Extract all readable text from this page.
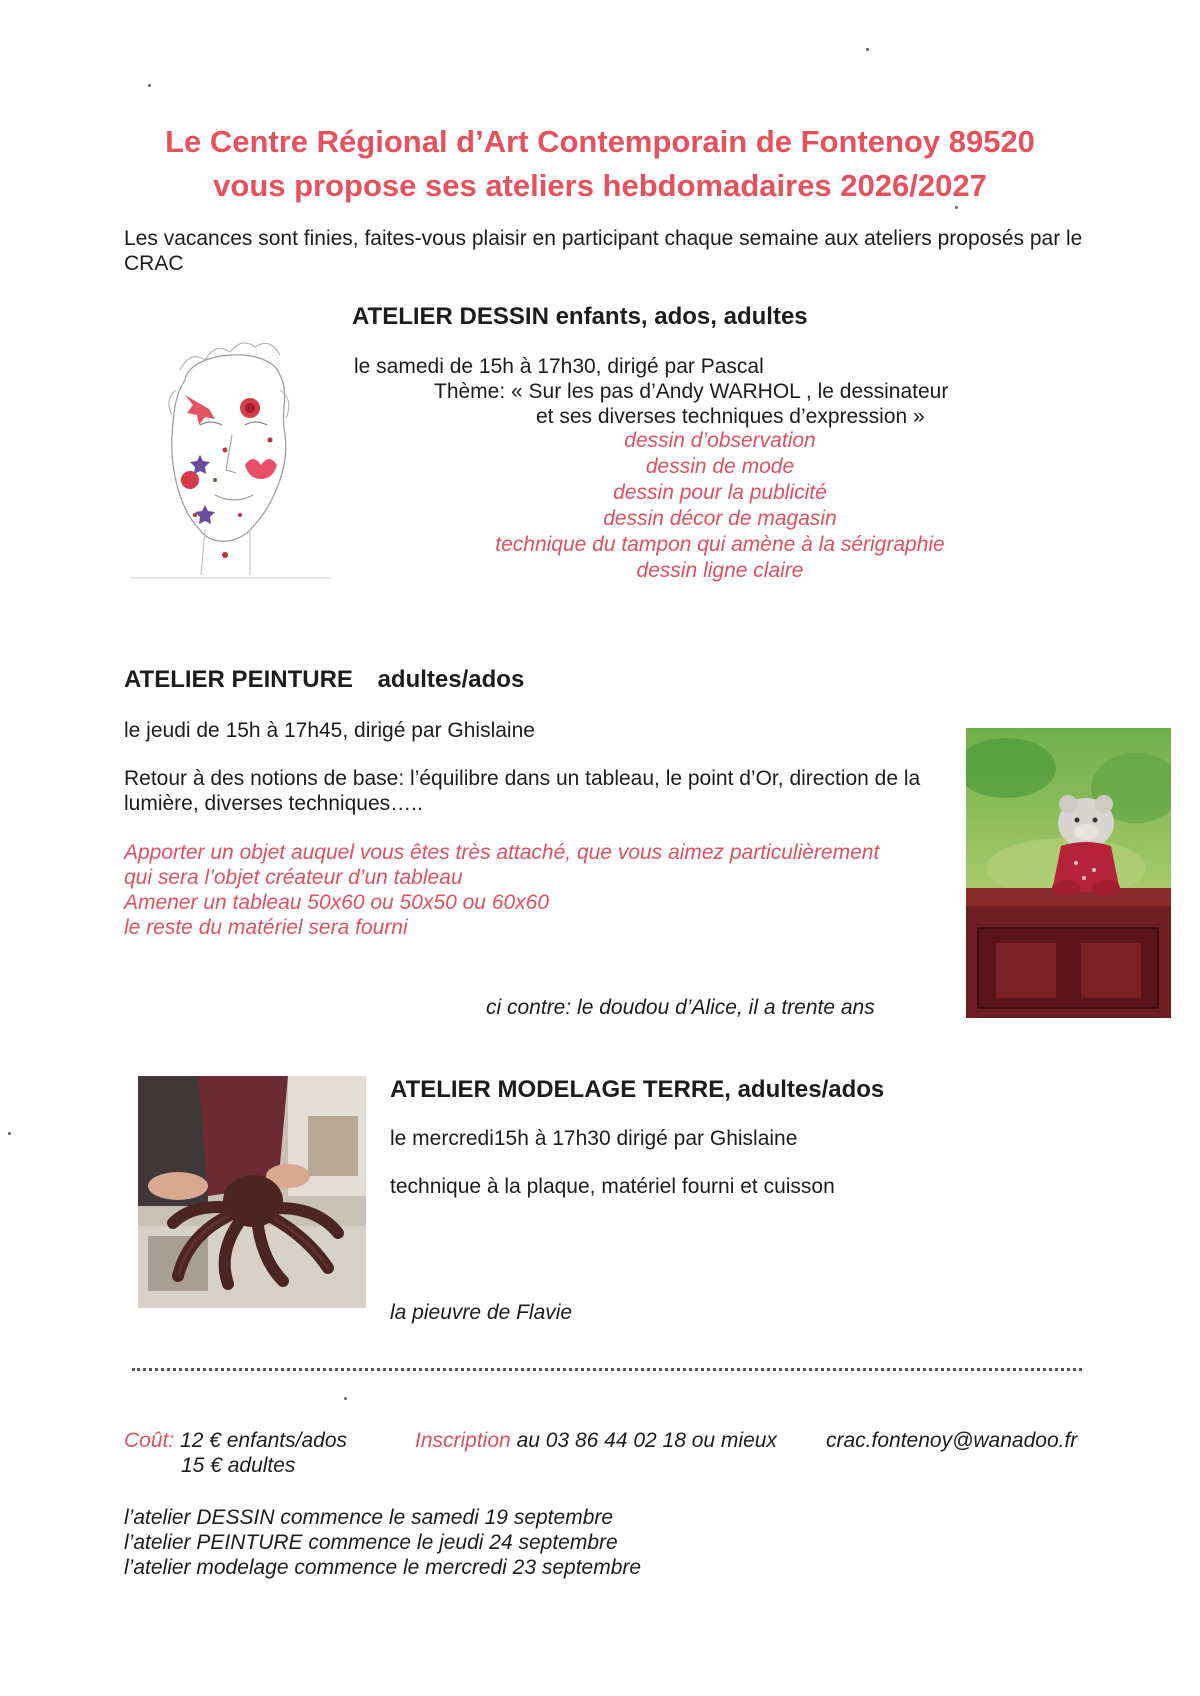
Le Centre Régional d’Art Contemporain de Fontenoy 89520
vous propose ses ateliers hebdomadaires 2026/2027
Les vacances sont finies, faites-vous plaisir en participant chaque semaine aux ateliers proposés par le CRAC
ATELIER DESSIN enfants, ados, adultes
le samedi de 15h à 17h30, dirigé par Pascal
Thème: « Sur les pas d’Andy WARHOL , le dessinateur
et ses diverses techniques d’expression »
dessin d’observation
dessin de mode
dessin pour la publicité
dessin décor de magasin
technique du tampon qui amène à la sérigraphie
dessin ligne claire
ATELIER PEINTURE adultes/ados
le jeudi de 15h à 17h45, dirigé par Ghislaine
Retour à des notions de base: l’équilibre dans un tableau, le point d’Or, direction de la lumière, diverses techniques…..
Apporter un objet auquel vous êtes très attaché, que vous aimez particulièrement
qui sera l’objet créateur d’un tableau
Amener un tableau 50x60 ou 50x50 ou 60x60
le reste du matériel sera fourni
ci contre: le doudou d’Alice, il a trente ans
ATELIER MODELAGE TERRE, adultes/ados
le mercredi15h à 17h30 dirigé par Ghislaine
technique à la plaque, matériel fourni et cuisson
la pieuvre de Flavie
Coût: 12 € enfants/ados
15 € adultes
Inscription au 03 86 44 02 18 ou mieux crac.fontenoy@wanadoo.fr
l’atelier DESSIN commence le samedi 19 septembre
l’atelier PEINTURE commence le jeudi 24 septembre
l’atelier modelage commence le mercredi 23 septembre
